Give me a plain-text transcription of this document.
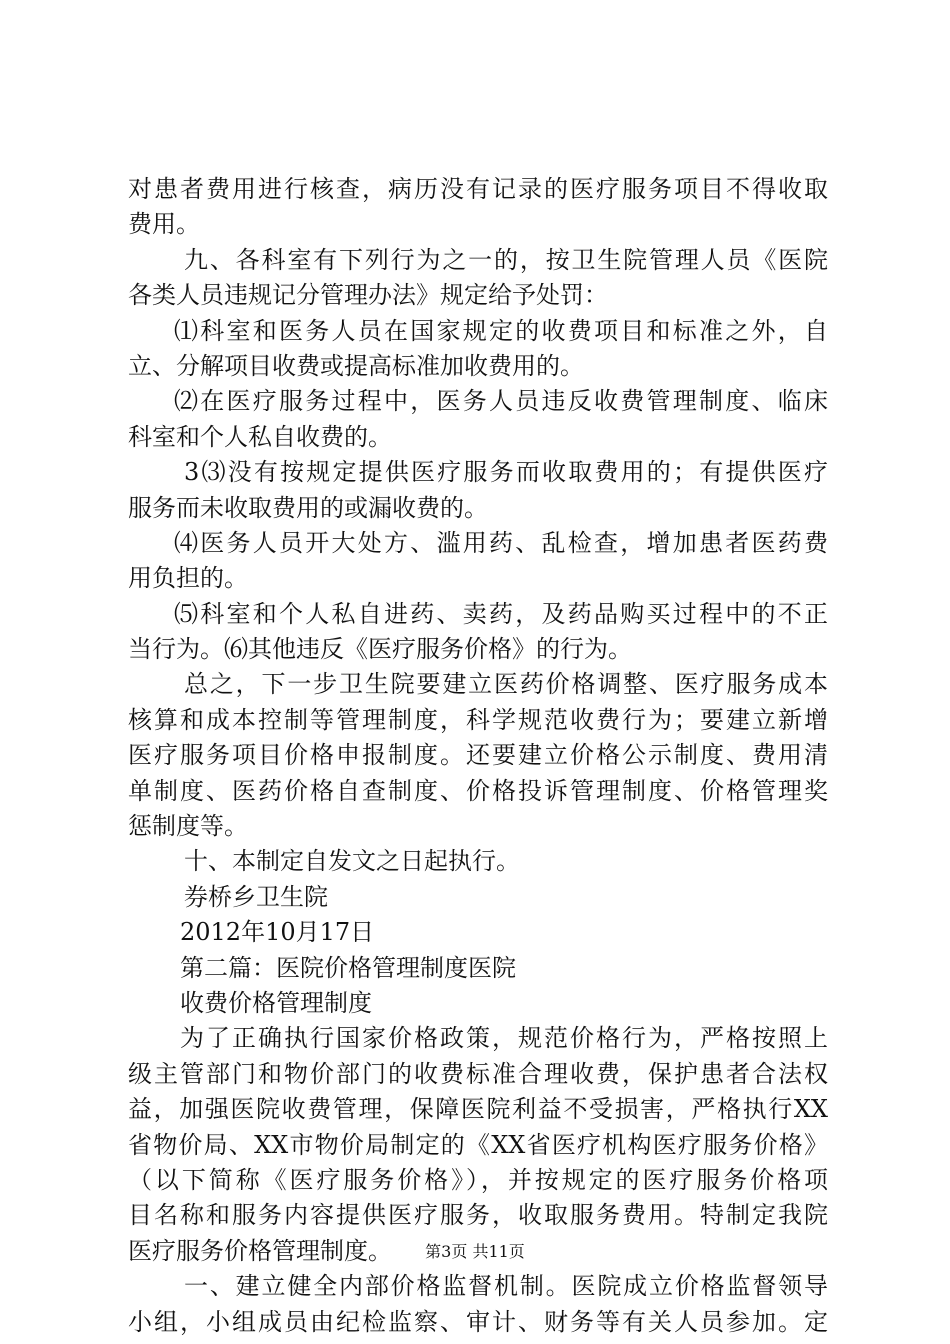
对患者费用进行核查，病历没有记录的医疗服务项目不得收取
费用。
九、各科室有下列行为之一的，按卫生院管理人员《医院
各类人员违规记分管理办法》规定给予处罚：
⑴科室和医务人员在国家规定的收费项目和标准之外，自
立、分解项目收费或提高标准加收费用的。
⑵在医疗服务过程中，医务人员违反收费管理制度、临床
科室和个人私自收费的。
3⑶没有按规定提供医疗服务而收取费用的；有提供医疗
服务而未收取费用的或漏收费的。
⑷医务人员开大处方、滥用药、乱检查，增加患者医药费
用负担的。
⑸科室和个人私自进药、卖药，及药品购买过程中的不正
当行为。⑹其他违反《医疗服务价格》的行为。
总之，下一步卫生院要建立医药价格调整、医疗服务成本
核算和成本控制等管理制度，科学规范收费行为；要建立新增
医疗服务项目价格申报制度。还要建立价格公示制度、费用清
单制度、医药价格自查制度、价格投诉管理制度、价格管理奖
惩制度等。
十、本制定自发文之日起执行。
券桥乡卫生院
2012年10月17日
第二篇：医院价格管理制度医院
收费价格管理制度
为了正确执行国家价格政策，规范价格行为，严格按照上
级主管部门和物价部门的收费标准合理收费，保护患者合法权
益，加强医院收费管理，保障医院利益不受损害，严格执行XX
省物价局、XX市物价局制定的《XX省医疗机构医疗服务价格》
（以下简称《医疗服务价格》），并按规定的医疗服务价格项
目名称和服务内容提供医疗服务，收取服务费用。特制定我院
医疗服务价格管理制度。
一、建立健全内部价格监督机制。医院成立价格监督领导
小组，小组成员由纪检监察、审计、财务等有关人员参加。定
第3页 共11页
